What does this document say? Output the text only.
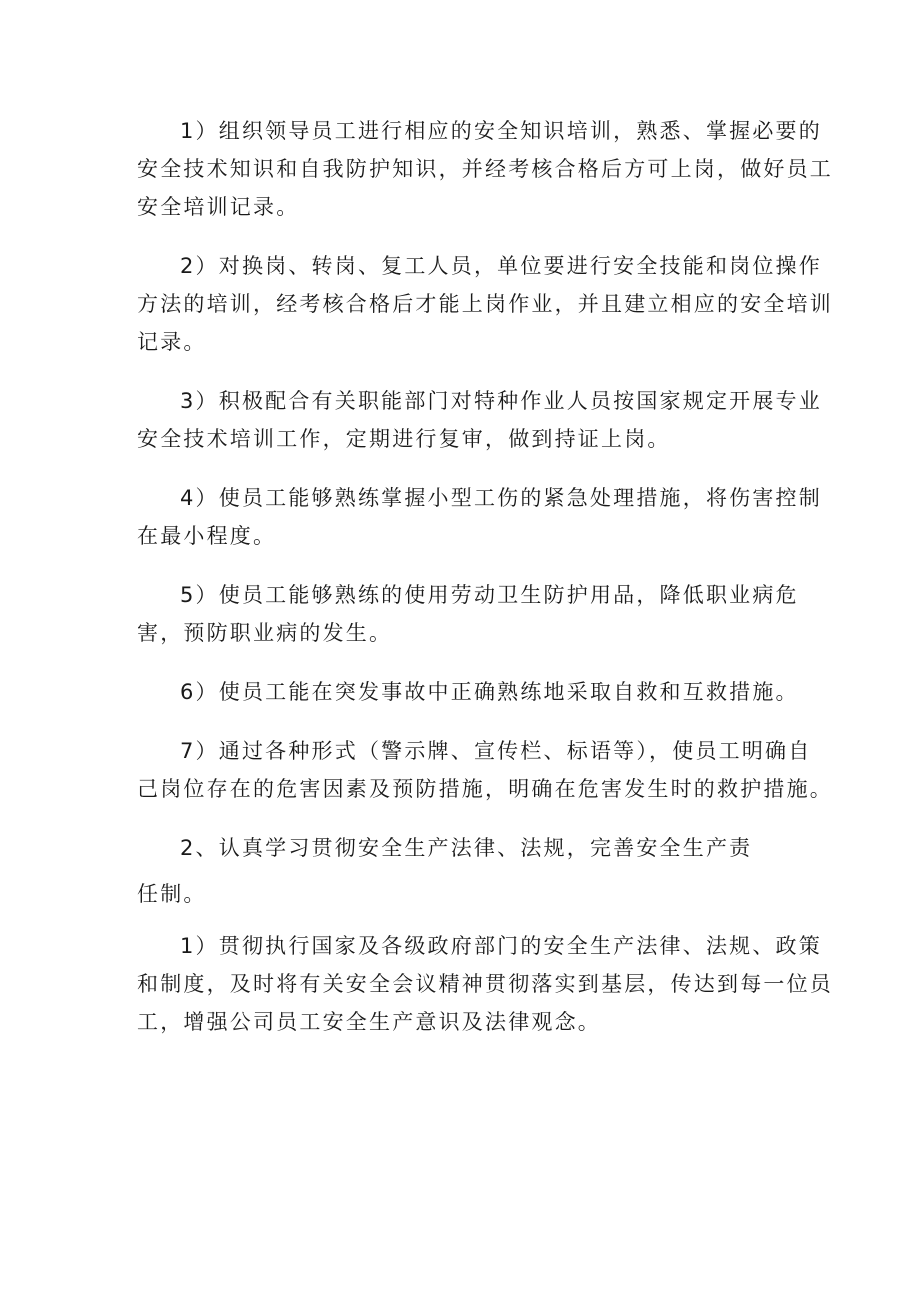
1）组织领导员工进行相应的安全知识培训，熟悉、掌握必要的
安全技术知识和自我防护知识，并经考核合格后方可上岗，做好员工
安全培训记录。
2）对换岗、转岗、复工人员，单位要进行安全技能和岗位操作
方法的培训，经考核合格后才能上岗作业，并且建立相应的安全培训
记录。
3）积极配合有关职能部门对特种作业人员按国家规定开展专业
安全技术培训工作，定期进行复审，做到持证上岗。
4）使员工能够熟练掌握小型工伤的紧急处理措施，将伤害控制
在最小程度。
5）使员工能够熟练的使用劳动卫生防护用品，降低职业病危
害，预防职业病的发生。
6）使员工能在突发事故中正确熟练地采取自救和互救措施。
7）通过各种形式（警示牌、宣传栏、标语等），使员工明确自
己岗位存在的危害因素及预防措施，明确在危害发生时的救护措施。
2、认真学习贯彻安全生产法律、法规，完善安全生产责
任制。
1）贯彻执行国家及各级政府部门的安全生产法律、法规、政策
和制度，及时将有关安全会议精神贯彻落实到基层，传达到每一位员
工，增强公司员工安全生产意识及法律观念。
